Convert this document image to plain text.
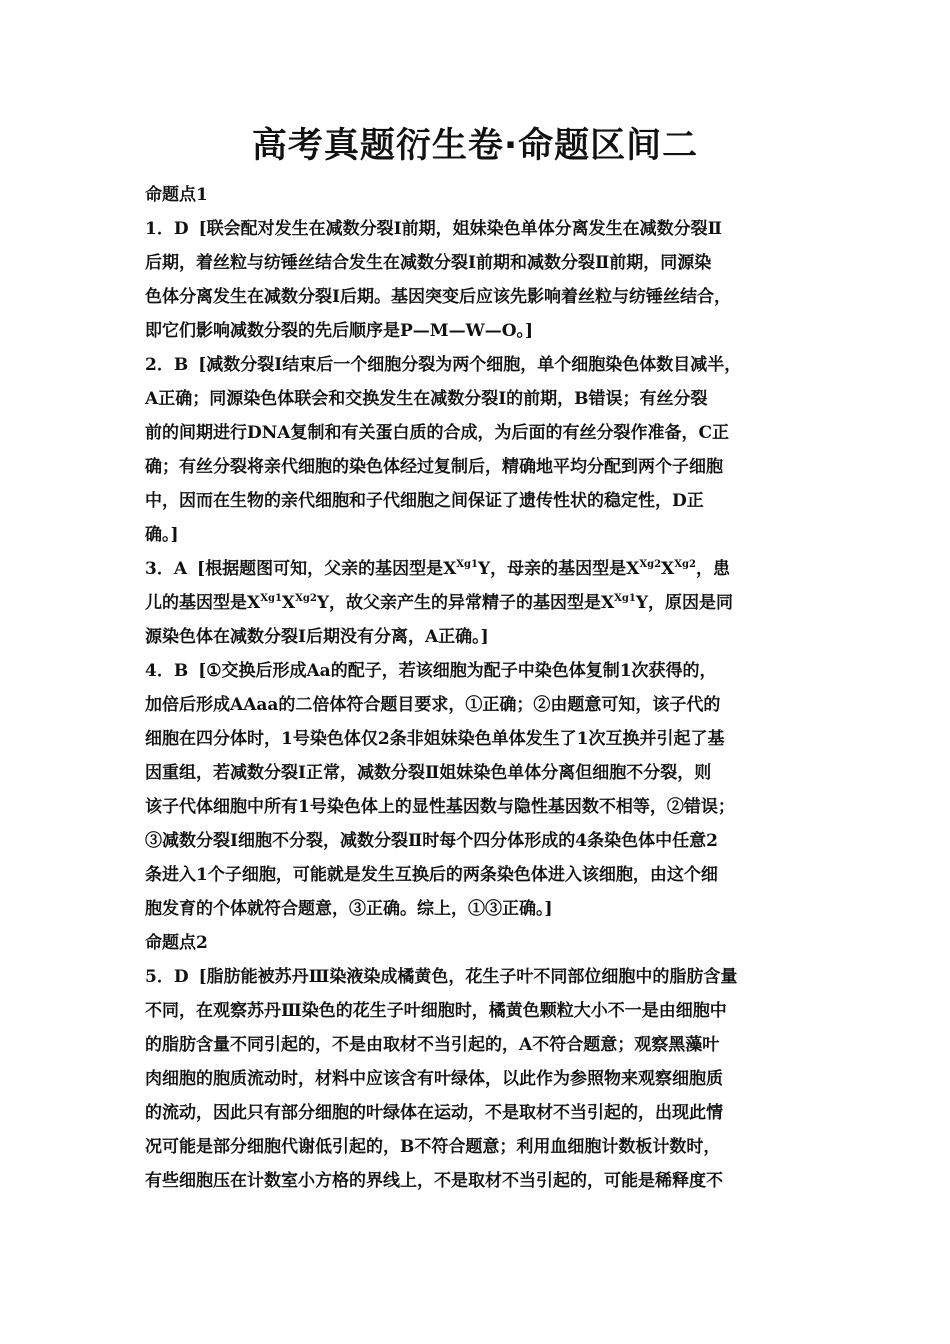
高考真题衍生卷·命题区间二
命题点1
1．D [联会配对发生在减数分裂Ⅰ前期，姐妹染色单体分离发生在减数分裂Ⅱ
后期，着丝粒与纺锤丝结合发生在减数分裂Ⅰ前期和减数分裂Ⅱ前期，同源染
色体分离发生在减数分裂Ⅰ后期。基因突变后应该先影响着丝粒与纺锤丝结合，
即它们影响减数分裂的先后顺序是P—M—W—O。]
2．B [减数分裂Ⅰ结束后一个细胞分裂为两个细胞，单个细胞染色体数目减半，
A正确；同源染色体联会和交换发生在减数分裂Ⅰ的前期，B错误；有丝分裂
前的间期进行DNA复制和有关蛋白质的合成，为后面的有丝分裂作准备，C正
确；有丝分裂将亲代细胞的染色体经过复制后，精确地平均分配到两个子细胞
中，因而在生物的亲代细胞和子代细胞之间保证了遗传性状的稳定性，D正
确。]
3．A [根据题图可知，父亲的基因型是$X^{Xg1}Y$，母亲的基因型是$X^{Xg2}X^{Xg2}$，患
儿的基因型是$X^{Xg1}X^{Xg2}Y$，故父亲产生的异常精子的基因型是$X^{Xg1}Y$，原因是同
源染色体在减数分裂Ⅰ后期没有分离，A正确。]
4．B [①交换后形成Aa的配子，若该细胞为配子中染色体复制1次获得的，
加倍后形成AAaa的二倍体符合题目要求，①正确；②由题意可知，该子代的
细胞在四分体时，1号染色体仅2条非姐妹染色单体发生了1次互换并引起了基
因重组，若减数分裂Ⅰ正常，减数分裂Ⅱ姐妹染色单体分离但细胞不分裂，则
该子代体细胞中所有1号染色体上的显性基因数与隐性基因数不相等，②错误；
③减数分裂Ⅰ细胞不分裂，减数分裂Ⅱ时每个四分体形成的4条染色体中任意2
条进入1个子细胞，可能就是发生互换后的两条染色体进入该细胞，由这个细
胞发育的个体就符合题意，③正确。综上，①③正确。]
命题点2
5．D [脂肪能被苏丹Ⅲ染液染成橘黄色，花生子叶不同部位细胞中的脂肪含量
不同，在观察苏丹Ⅲ染色的花生子叶细胞时，橘黄色颗粒大小不一是由细胞中
的脂肪含量不同引起的，不是由取材不当引起的，A不符合题意；观察黑藻叶
肉细胞的胞质流动时，材料中应该含有叶绿体，以此作为参照物来观察细胞质
的流动，因此只有部分细胞的叶绿体在运动，不是取材不当引起的，出现此情
况可能是部分细胞代谢低引起的，B不符合题意；利用血细胞计数板计数时，
有些细胞压在计数室小方格的界线上，不是取材不当引起的，可能是稀释度不
